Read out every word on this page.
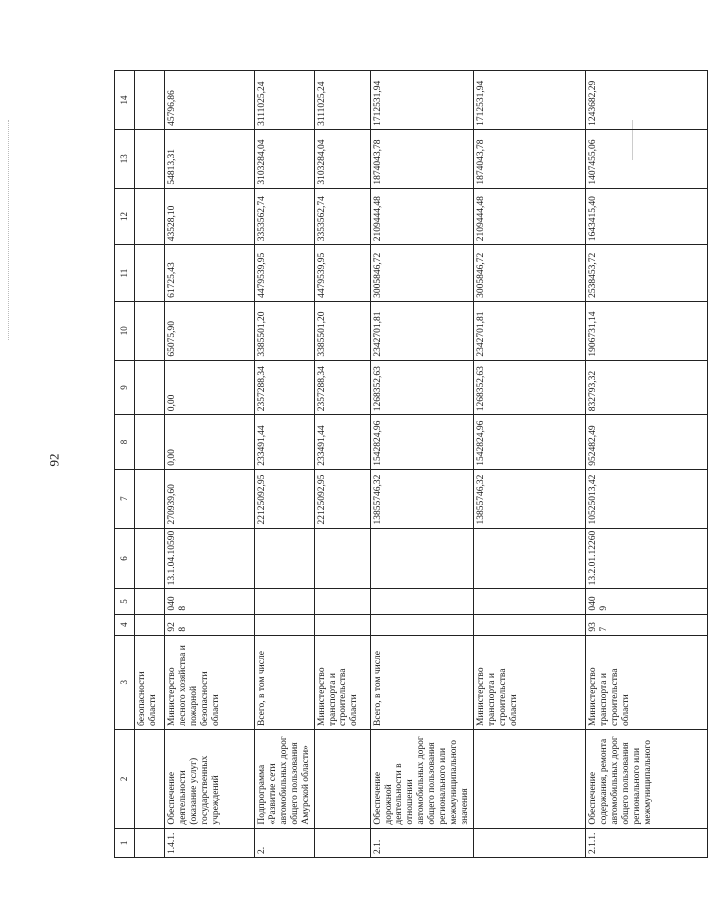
92
1	2	3	4	5	6	7	8	9	10	11	12	13	14
		безопасности области											
1.4.1.	Обеспечение деятельности (оказание услуг) государственных учреждений	Министерство лесного хозяйства и пожарной безопасности области	928	0408	13.1.04.10590	270939,60	0,00	0,00	65075,90	61725,43	43528,10	54813,31	45796,86
2.	Подпрограмма «Развитие сети автомобильных дорог общего пользования Амурской области»	Всего, в том числе				22125092,95	233491,44	2357288,34	3385501,20	4479539,95	3353562,74	3103284,04	3111025,24
		Министерство транспорта и строительства области				22125092,95	233491,44	2357288,34	3385501,20	4479539,95	3353562,74	3103284,04	3111025,24
2.1.	Обеспечение дорожной деятельности в отношении автомобильных дорог общего пользования регионального или межмуниципального значения	Всего, в том числе				13855746,32	1542824,96	1268352,63	2342701,81	3005846,72	2109444,48	1874043,78	1712531,94
		Министерство транспорта и строительства области				13855746,32	1542824,96	1268352,63	2342701,81	3005846,72	2109444,48	1874043,78	1712531,94
2.1.1.	Обеспечение содержания, ремонта автомобильных дорог общего пользования регионального или межмуниципального	Министерство транспорта и строительства области	937	0409	13.2.01.12260	10525013,42	952482,49	832793,32	1906731,14	2538453,72	1643415,40	1407455,06	1243682,29
